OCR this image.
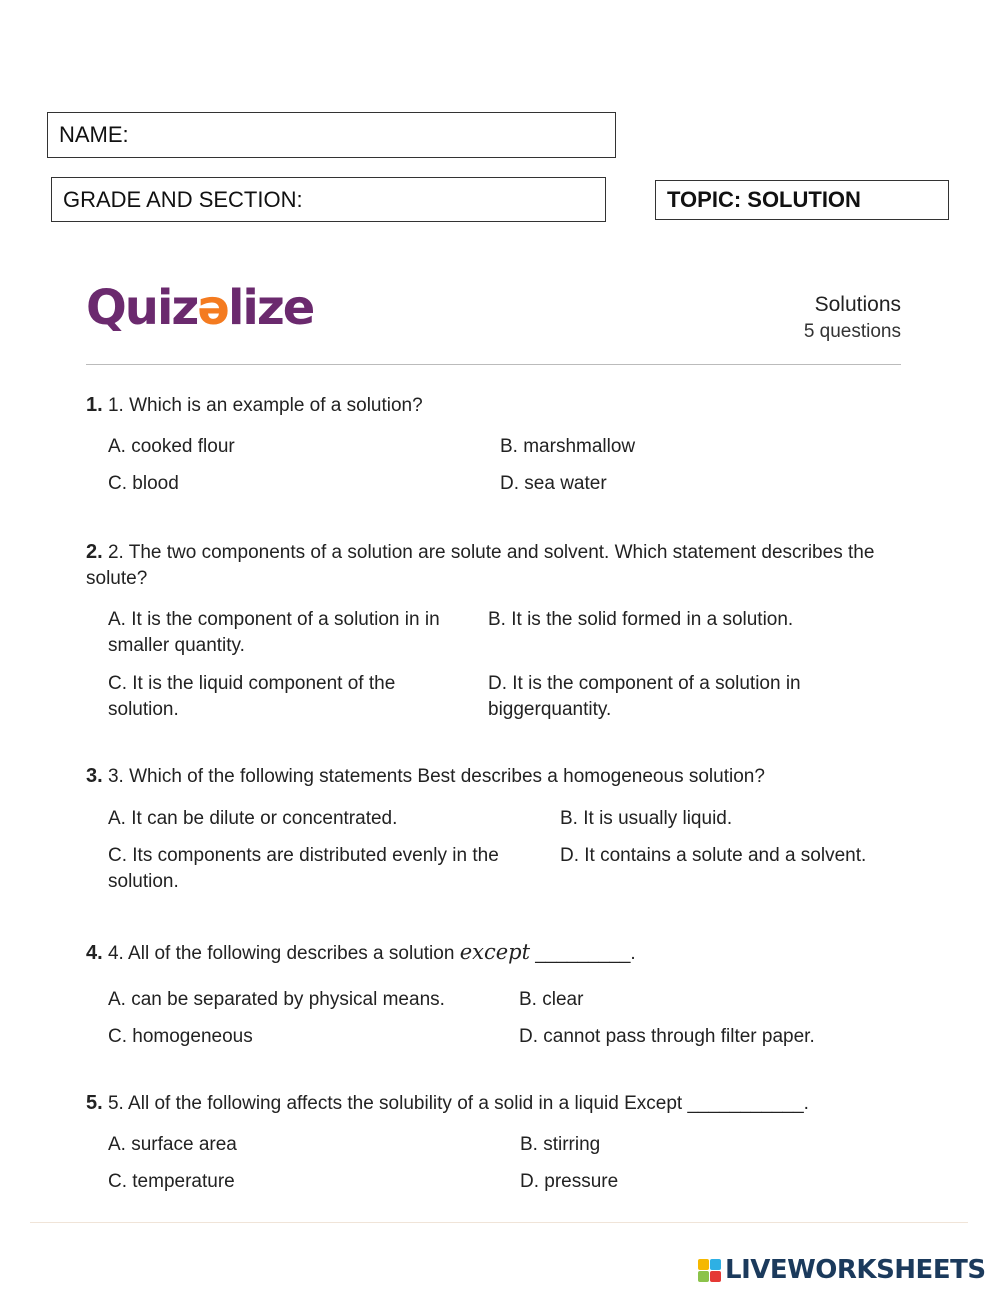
NAME:
GRADE AND SECTION:	TOPIC: SOLUTION
Quizəlize	Solutions
5 questions
1. 1. Which is an example of a solution?
A. cooked flour	B. marshmallow
C. blood	D. sea water
2. 2. The two components of a solution are solute and solvent. Which statement describes the solute?
A. It is the component of a solution in in smaller quantity.
B. It is the solid formed in a solution.
C. It is the liquid component of the solution.
D. It is the component of a solution in biggerquantity.
3. 3. Which of the following statements Best describes a homogeneous solution?
A. It can be dilute or concentrated.	B. It is usually liquid.
C. Its components are distributed evenly in the solution.
D. It contains a solute and a solvent.
4. 4. All of the following describes a solution except _________.
A. can be separated by physical means.	B. clear
C. homogeneous	D. cannot pass through filter paper.
5. 5. All of the following affects the solubility of a solid in a liquid Except ___________.
A. surface area	B. stirring
C. temperature	D. pressure
LIVEWORKSHEETS
